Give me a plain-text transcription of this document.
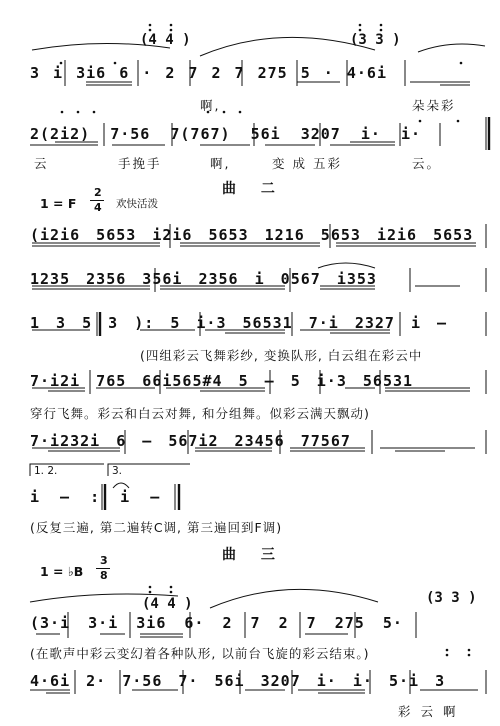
(4 4 )	(3 3 )
3 i 3i6 6 · 2 7 2 7 275 5 · 4·6i
啊,	朵朵彩
2(2i2) 7·56 7(767) 56i 3207 i· i·
云	手挽手	啊,	变 成 五彩	云。
曲 二
1 = F
2
4 欢快活泼
(i2i6 5653 i2i6 5653 1216 5653 i2i6 5653
1235 2356 356i 2356 i 0567 i353
1 3 5 3 ): 5 i·3 56531 7·i 2327 i –
(四组彩云飞舞彩纱, 变换队形, 白云组在彩云中
7·i2i 765 66i565#4 5 – 5 i·3 56531
穿行飞舞。彩云和白云对舞, 和分组舞。似彩云满天飘动)
7·i232i 6 – 567i2 23456 77567
1. 2.	3.
i – : i –
(反复三遍, 第二遍转C调, 第三遍回到F调)
曲 三
1 = ♭B
3
8
(4 4 )	(3 3 )
(3·i 3·i 3i6 6· 2 7 2 7 275 5·
(在歌声中彩云变幻着各种队形, 以前台飞旋的彩云结束。)
4·6i 2· 7·56 7· 56i 3207 i· i· 5·i 3
彩 云 啊
